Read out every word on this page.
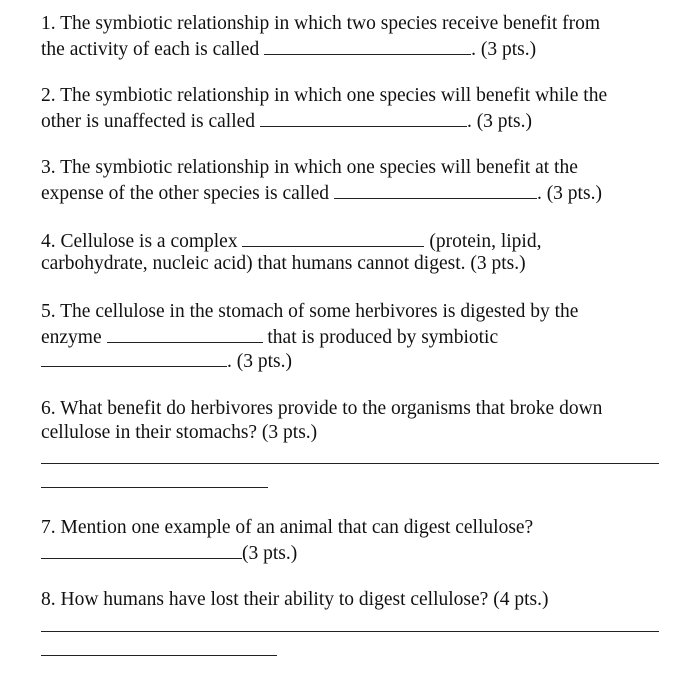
1. The symbiotic relationship in which two species receive benefit from
the activity of each is called	. (3 pts.)
2. The symbiotic relationship in which one species will benefit while the
other is unaffected is called	. (3 pts.)
3. The symbiotic relationship in which one species will benefit at the
expense of the other species is called	. (3 pts.)
4. Cellulose is a complex	(protein, lipid,
carbohydrate, nucleic acid) that humans cannot digest. (3 pts.)
5. The cellulose in the stomach of some herbivores is digested by the
enzyme	that is produced by symbiotic
. (3 pts.)
6. What benefit do herbivores provide to the organisms that broke down
cellulose in their stomachs? (3 pts.)
7. Mention one example of an animal that can digest cellulose?
(3 pts.)
8. How humans have lost their ability to digest cellulose? (4 pts.)
